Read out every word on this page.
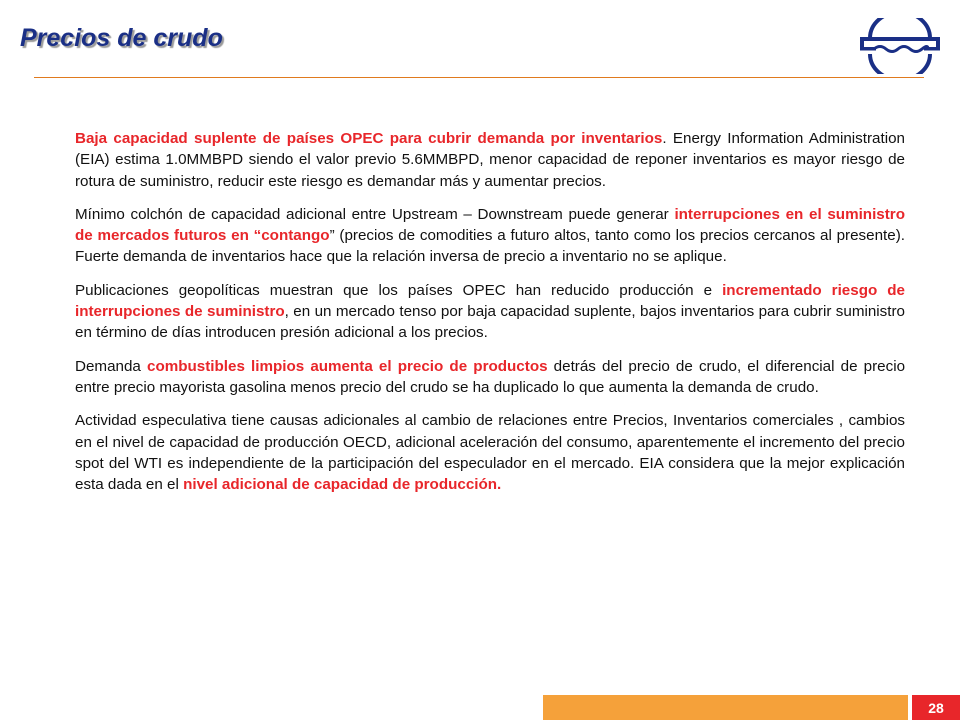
Precios de crudo

Baja capacidad suplente de países OPEC para cubrir demanda por inventarios. Energy Information Administration (EIA) estima 1.0MMBPD siendo el valor previo 5.6MMBPD, menor capacidad de reponer inventarios es mayor riesgo de rotura de suministro, reducir este riesgo es demandar más y aumentar precios.

Mínimo colchón de capacidad adicional entre Upstream – Downstream puede generar interrupciones en el suministro de mercados futuros en “contango” (precios de comodities a futuro altos, tanto como los precios cercanos al presente). Fuerte demanda de inventarios hace que la relación inversa de precio a inventario no se aplique.

Publicaciones geopolíticas muestran que los países OPEC han reducido producción e incrementado riesgo de interrupciones de suministro, en un mercado tenso por baja capacidad suplente, bajos inventarios para cubrir suministro en término de días introducen presión adicional a los precios.

Demanda combustibles limpios aumenta el precio de productos detrás del precio de crudo, el diferencial de precio entre precio mayorista gasolina menos precio del crudo se ha duplicado lo que aumenta la demanda de crudo.

Actividad especulativa tiene causas adicionales al cambio de relaciones entre Precios, Inventarios comerciales , cambios en el nivel de capacidad de producción OECD, adicional aceleración del consumo, aparentemente el incremento del precio spot del WTI es independiente de la participación del especulador en el mercado. EIA considera que la mejor explicación esta dada en el nivel adicional de capacidad de producción.

28
